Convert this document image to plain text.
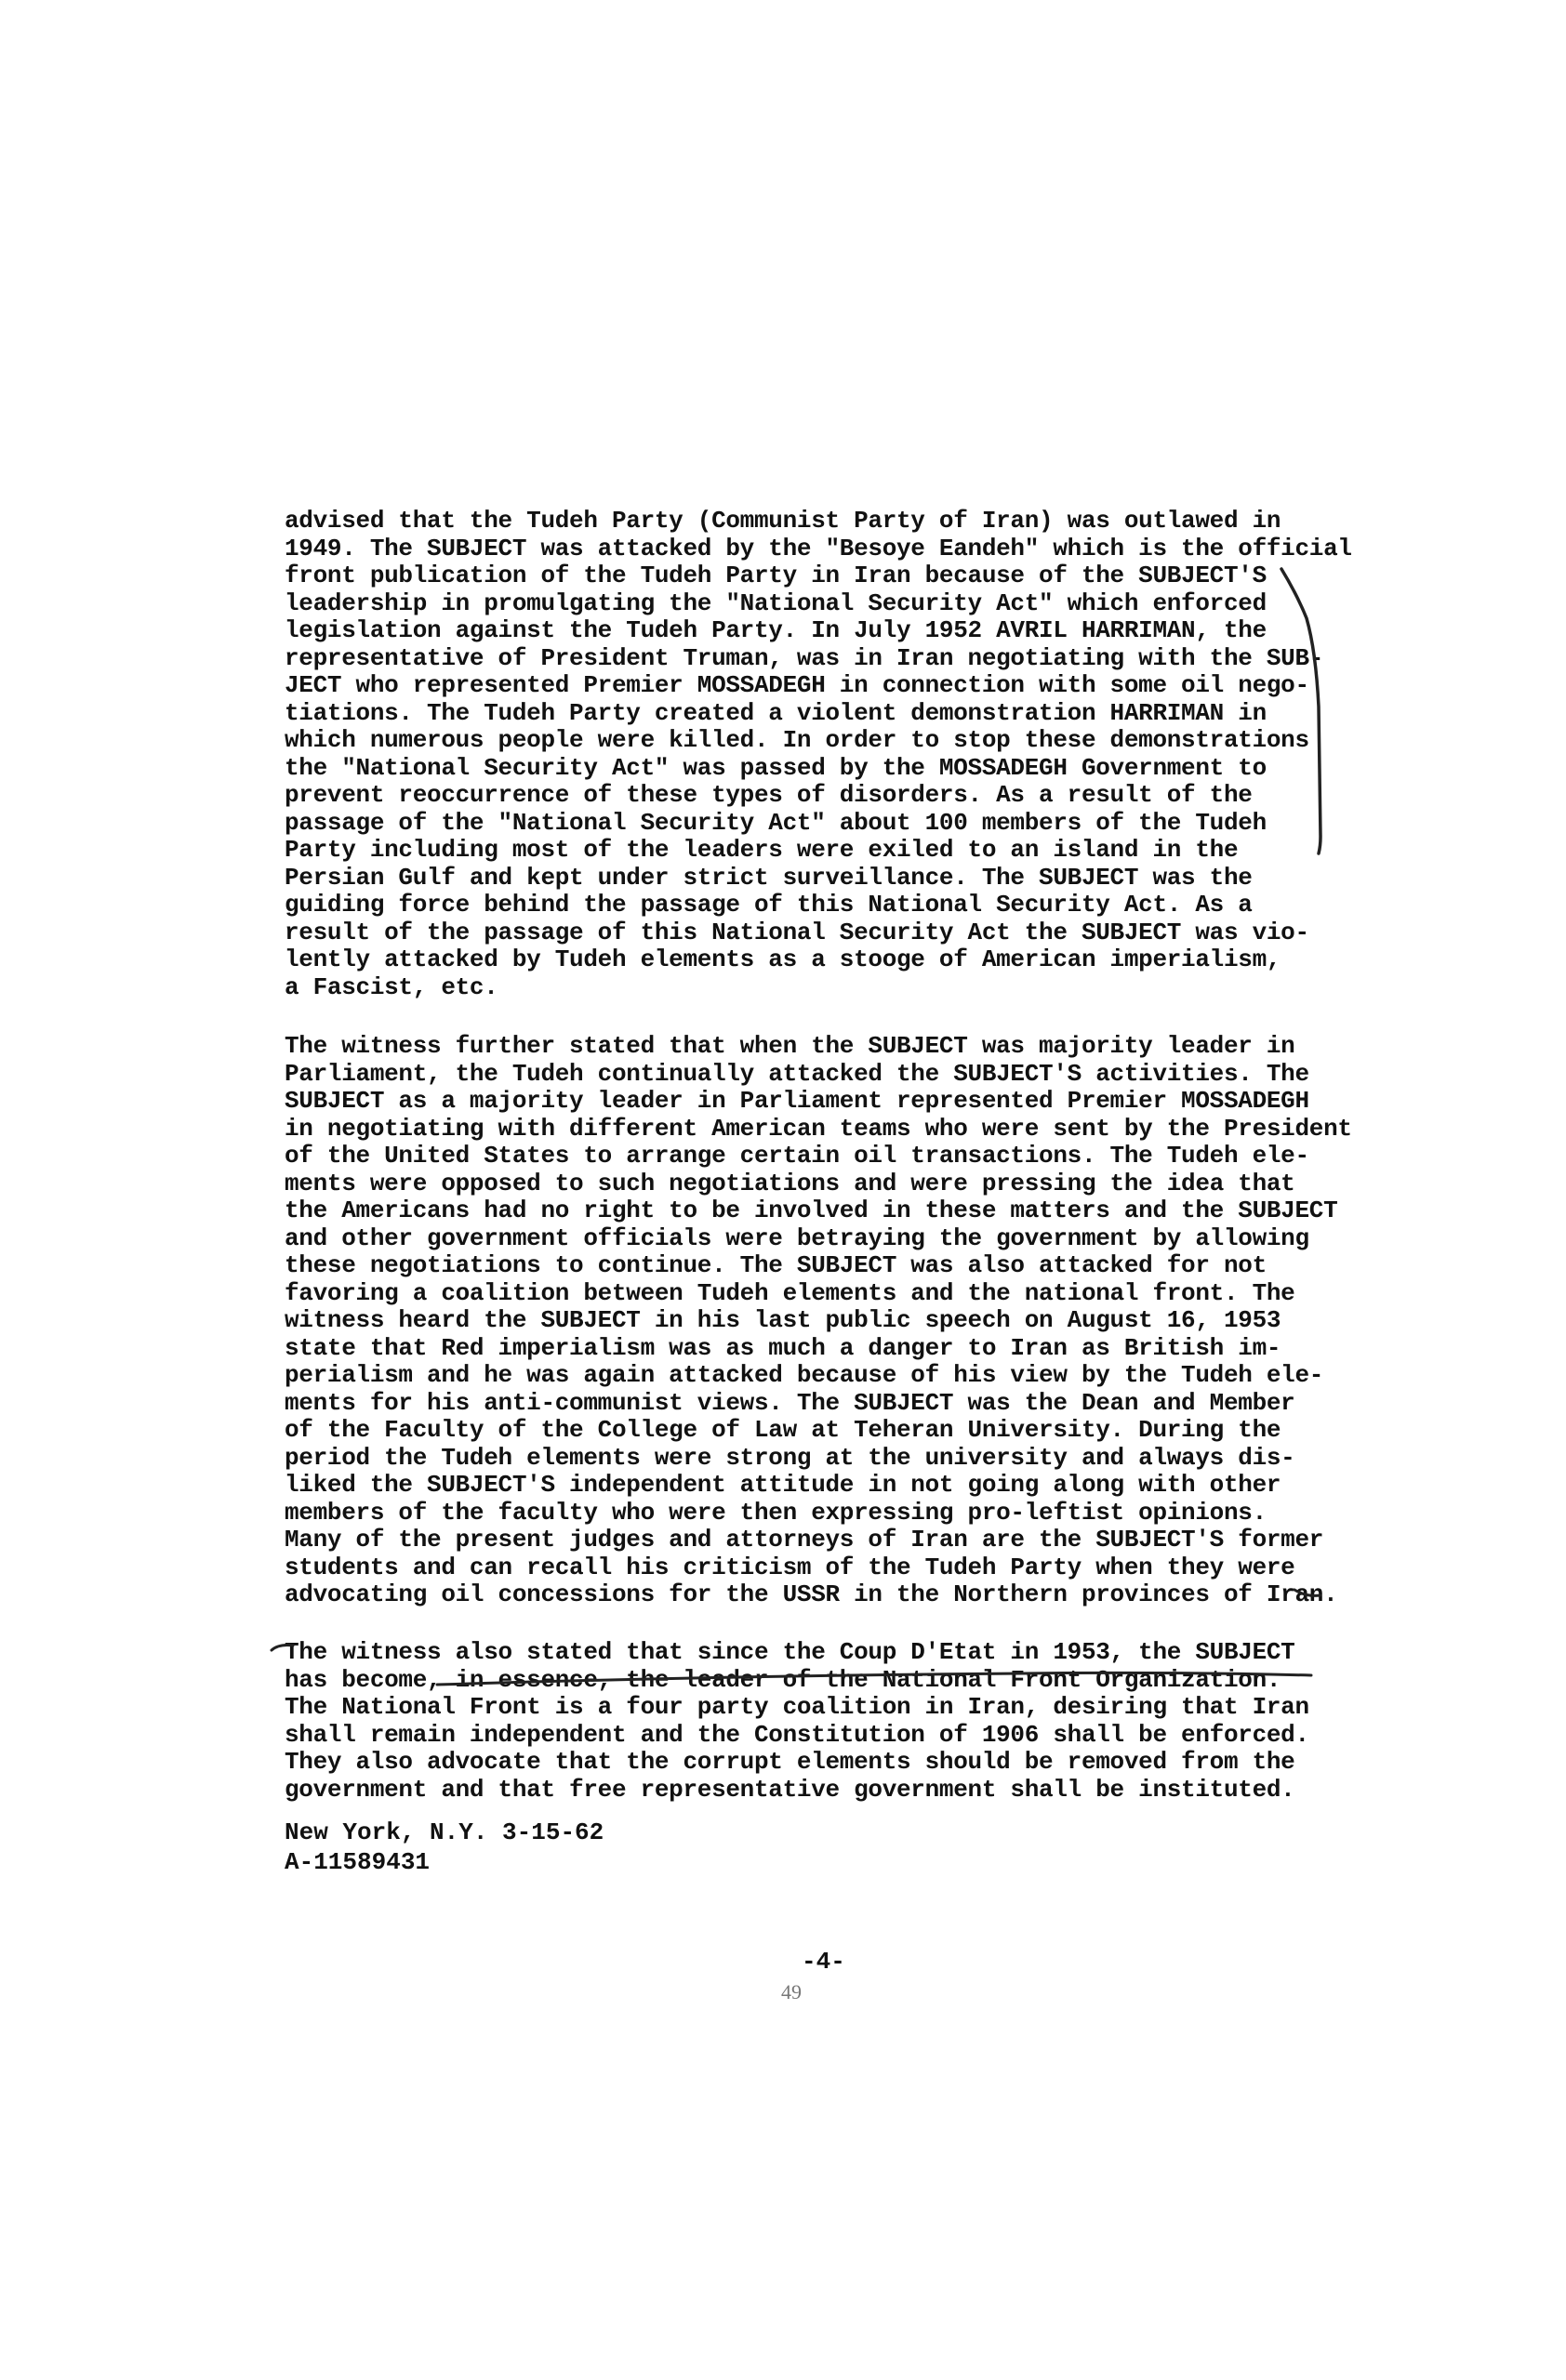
advised that the Tudeh Party (Communist Party of Iran) was outlawed in
1949. The SUBJECT was attacked by the "Besoye Eandeh" which is the official
front publication of the Tudeh Party in Iran because of the SUBJECT'S
leadership in promulgating the "National Security Act" which enforced
legislation against the Tudeh Party. In July 1952 AVRIL HARRIMAN, the
representative of President Truman, was in Iran negotiating with the SUB-
JECT who represented Premier MOSSADEGH in connection with some oil nego-
tiations. The Tudeh Party created a violent demonstration HARRIMAN in
which numerous people were killed. In order to stop these demonstrations
the "National Security Act" was passed by the MOSSADEGH Government to
prevent reoccurrence of these types of disorders. As a result of the
passage of the "National Security Act" about 100 members of the Tudeh
Party including most of the leaders were exiled to an island in the
Persian Gulf and kept under strict surveillance. The SUBJECT was the
guiding force behind the passage of this National Security Act. As a
result of the passage of this National Security Act the SUBJECT was vio-
lently attacked by Tudeh elements as a stooge of American imperialism,
a Fascist, etc.
The witness further stated that when the SUBJECT was majority leader in
Parliament, the Tudeh continually attacked the SUBJECT'S activities. The
SUBJECT as a majority leader in Parliament represented Premier MOSSADEGH
in negotiating with different American teams who were sent by the President
of the United States to arrange certain oil transactions. The Tudeh ele-
ments were opposed to such negotiations and were pressing the idea that
the Americans had no right to be involved in these matters and the SUBJECT
and other government officials were betraying the government by allowing
these negotiations to continue. The SUBJECT was also attacked for not
favoring a coalition between Tudeh elements and the national front. The
witness heard the SUBJECT in his last public speech on August 16, 1953
state that Red imperialism was as much a danger to Iran as British im-
perialism and he was again attacked because of his view by the Tudeh ele-
ments for his anti-communist views. The SUBJECT was the Dean and Member
of the Faculty of the College of Law at Teheran University. During the
period the Tudeh elements were strong at the university and always dis-
liked the SUBJECT'S independent attitude in not going along with other
members of the faculty who were then expressing pro-leftist opinions.
Many of the present judges and attorneys of Iran are the SUBJECT'S former
students and can recall his criticism of the Tudeh Party when they were
advocating oil concessions for the USSR in the Northern provinces of Iran.
The witness also stated that since the Coup D'Etat in 1953, the SUBJECT
has become, in essence, the leader of the National Front Organization.
The National Front is a four party coalition in Iran, desiring that Iran
shall remain independent and the Constitution of 1906 shall be enforced.
They also advocate that the corrupt elements should be removed from the
government and that free representative government shall be instituted.
New York, N.Y. 3-15-62
A-11589431
-4-
49
